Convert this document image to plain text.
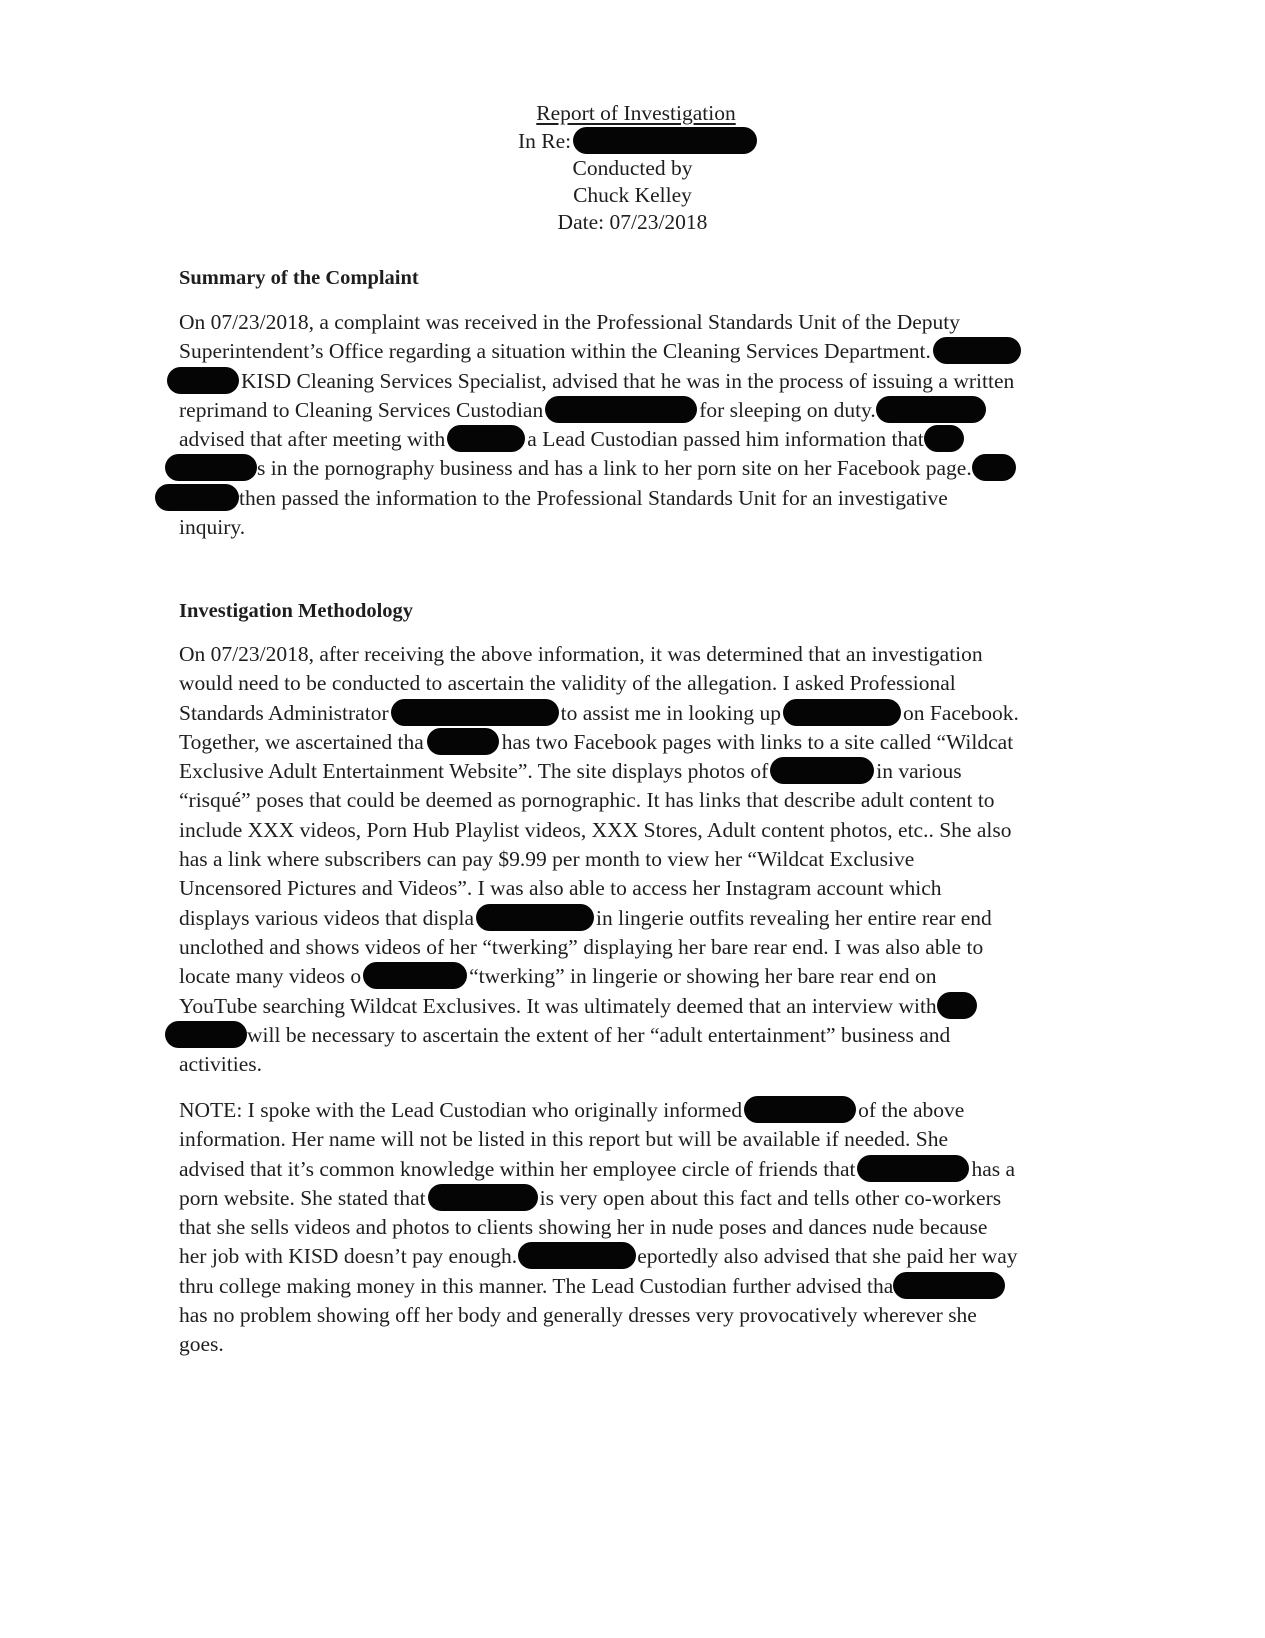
Report of Investigation
In Re:
Conducted by
Chuck Kelley
Date: 07/23/2018
Summary of the Complaint
On 07/23/2018, a complaint was received in the Professional Standards Unit of the Deputy
Superintendent’s Office regarding a situation within the Cleaning Services Department.
KISD Cleaning Services Specialist, advised that he was in the process of issuing a written
reprimand to Cleaning Services Custodian	for sleeping on duty.
advised that after meeting with	a Lead Custodian passed him information that
s in the pornography business and has a link to her porn site on her Facebook page.
then passed the information to the Professional Standards Unit for an investigative
inquiry.
Investigation Methodology
On 07/23/2018, after receiving the above information, it was determined that an investigation
would need to be conducted to ascertain the validity of the allegation. I asked Professional
Standards Administrator	to assist me in looking up	on Facebook.
Together, we ascertained tha	has two Facebook pages with links to a site called “Wildcat
Exclusive Adult Entertainment Website”. The site displays photos of	in various
“risqué” poses that could be deemed as pornographic. It has links that describe adult content to
include XXX videos, Porn Hub Playlist videos, XXX Stores, Adult content photos, etc.. She also
has a link where subscribers can pay $9.99 per month to view her “Wildcat Exclusive
Uncensored Pictures and Videos”. I was also able to access her Instagram account which
displays various videos that displa	in lingerie outfits revealing her entire rear end
unclothed and shows videos of her “twerking” displaying her bare rear end. I was also able to
locate many videos o	“twerking” in lingerie or showing her bare rear end on
YouTube searching Wildcat Exclusives. It was ultimately deemed that an interview with
will be necessary to ascertain the extent of her “adult entertainment” business and
activities.
NOTE: I spoke with the Lead Custodian who originally informed	of the above
information. Her name will not be listed in this report but will be available if needed. She
advised that it’s common knowledge within her employee circle of friends that	has a
porn website. She stated that	is very open about this fact and tells other co-workers
that she sells videos and photos to clients showing her in nude poses and dances nude because
her job with KISD doesn’t pay enough.	eportedly also advised that she paid her way
thru college making money in this manner. The Lead Custodian further advised tha
has no problem showing off her body and generally dresses very provocatively wherever she
goes.
